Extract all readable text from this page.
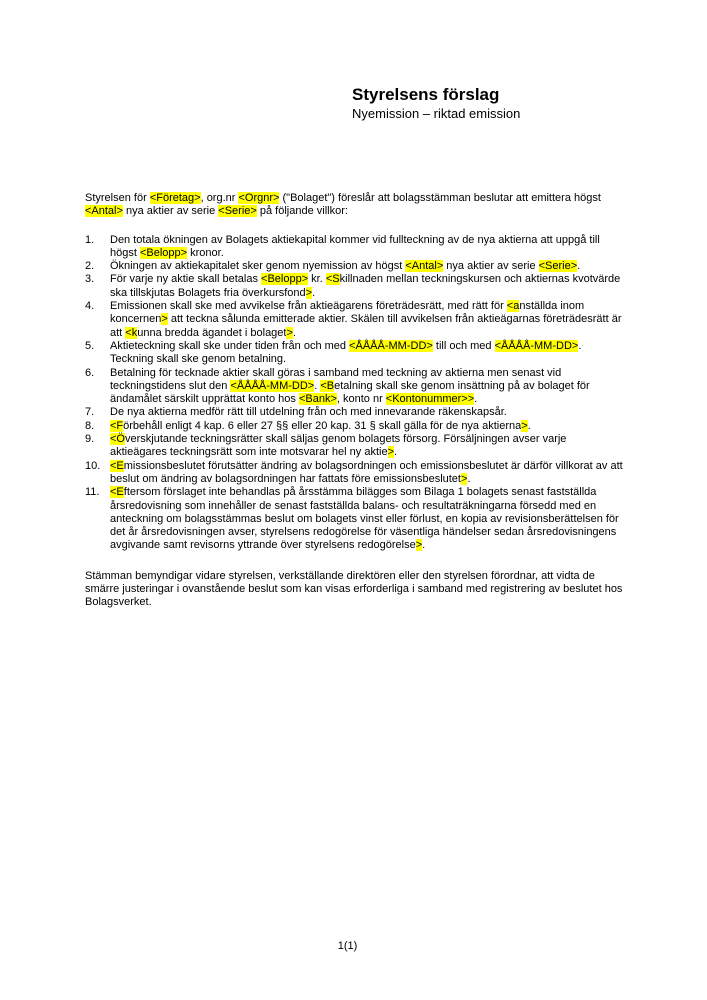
Styrelsens förslag
Nyemission – riktad emission

Styrelsen för <Företag>, org.nr <Orgnr> ("Bolaget") föreslår att bolagsstämman beslutar att emittera högst <Antal> nya aktier av serie <Serie> på följande villkor:

1.	Den totala ökningen av Bolagets aktiekapital kommer vid fullteckning av de nya aktierna att uppgå till högst <Belopp> kronor.
2.	Ökningen av aktiekapitalet sker genom nyemission av högst <Antal> nya aktier av serie <Serie>.
3.	För varje ny aktie skall betalas <Belopp> kr. <Skillnaden mellan teckningskursen och aktiernas kvotvärde ska tillskjutas Bolagets fria överkursfond>.
4.	Emissionen skall ske med avvikelse från aktieägarens företrädesrätt, med rätt för <anställda inom koncernen> att teckna sålunda emitterade aktier. Skälen till avvikelsen från aktieägarnas företrädesrätt är att <kunna bredda ägandet i bolaget>.
5.	Aktieteckning skall ske under tiden från och med <ÅÅÅÅ-MM-DD> till och med <ÅÅÅÅ-MM-DD>. Teckning skall ske genom betalning.
6.	Betalning för tecknade aktier skall göras i samband med teckning av aktierna men senast vid teckningstidens slut den <ÅÅÅÅ-MM-DD>. <Betalning skall ske genom insättning på av bolaget för ändamålet särskilt upprättat konto hos <Bank>, konto nr <Kontonummer>>.
7.	De nya aktierna medför rätt till utdelning från och med innevarande räkenskapsår.
8.	<Förbehåll enligt 4 kap. 6 eller 27 §§ eller 20 kap. 31 § skall gälla för de nya aktierna>.
9.	<Överskjutande teckningsrätter skall säljas genom bolagets försorg. Försäljningen avser varje aktieägares teckningsrätt som inte motsvarar hel ny aktie>.
10. <Emissionsbeslutet förutsätter ändring av bolagsordningen och emissionsbeslutet är därför villkorat av att beslut om ändring av bolagsordningen har fattats före emissionsbeslutet>.
11. <Eftersom förslaget inte behandlas på årsstämma bilägges som Bilaga 1 bolagets senast fastställda årsredovisning som innehåller de senast fastställda balans- och resultaträkningarna försedd med en anteckning om bolagsstämmas beslut om bolagets vinst eller förlust, en kopia av revisionsberättelsen för det år årsredovisningen avser, styrelsens redogörelse för väsentliga händelser sedan årsredovisningens avgivande samt revisorns yttrande över styrelsens redogörelse>.

Stämman bemyndigar vidare styrelsen, verkställande direktören eller den styrelsen förordnar, att vidta de smärre justeringar i ovanstående beslut som kan visas erforderliga i samband med registrering av beslutet hos Bolagsverket.

1(1)
